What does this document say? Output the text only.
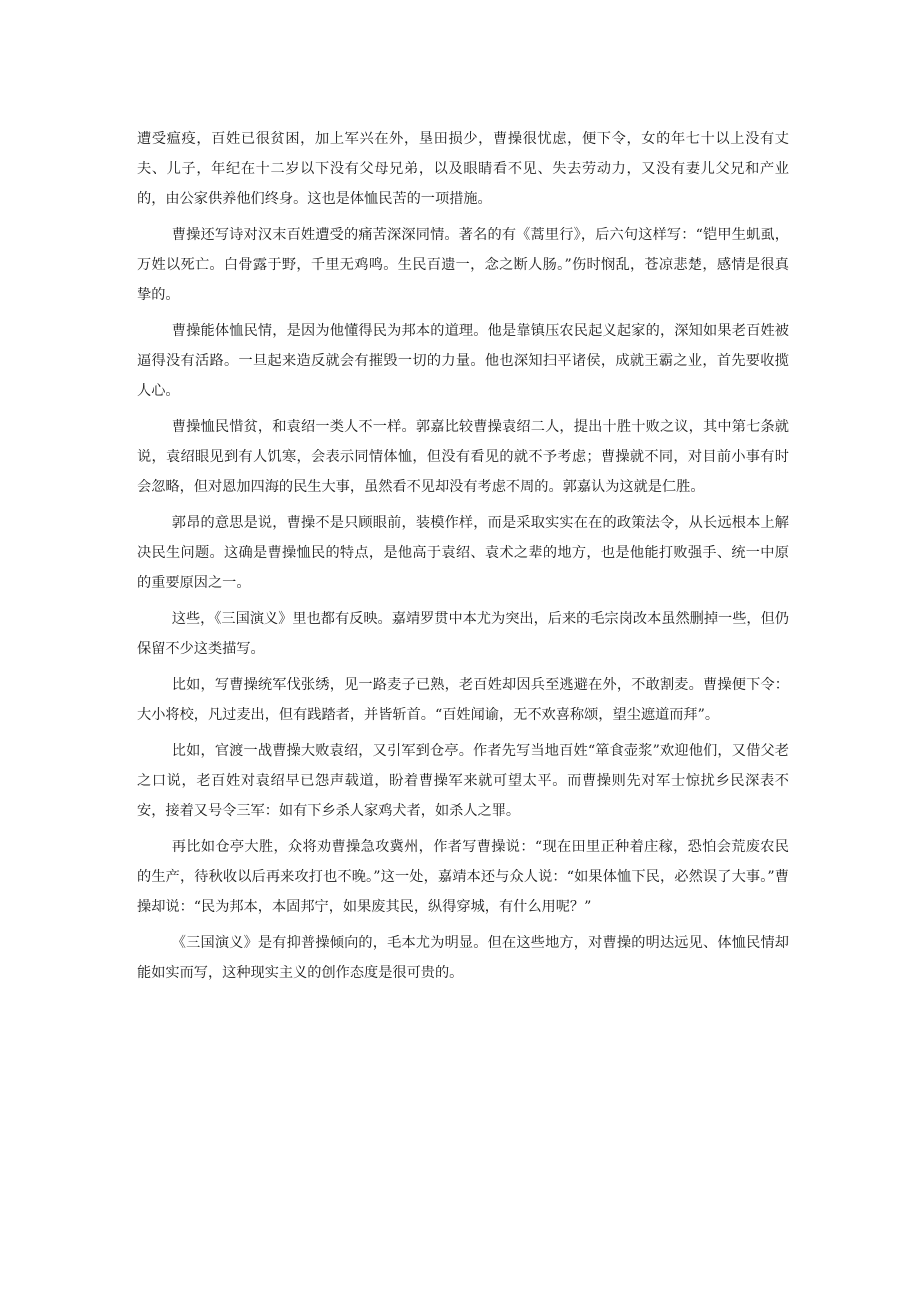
遭受瘟疫，百姓已很贫困，加上军兴在外，垦田损少，曹操很忧虑，便下令，女的年七十以上没有丈夫、儿子，年纪在十二岁以下没有父母兄弟，以及眼睛看不见、失去劳动力，又没有妻儿父兄和产业的，由公家供养他们终身。这也是体恤民苦的一项措施。

曹操还写诗对汉末百姓遭受的痛苦深深同情。著名的有《蒿里行》，后六句这样写：“铠甲生虮虱，万姓以死亡。白骨露于野，千里无鸡鸣。生民百遗一，念之断人肠。”伤时悯乱，苍凉悲楚，感情是很真挚的。

曹操能体恤民情，是因为他懂得民为邦本的道理。他是靠镇压农民起义起家的，深知如果老百姓被逼得没有活路。一旦起来造反就会有摧毁一切的力量。他也深知扫平诸侯，成就王霸之业，首先要收揽人心。

曹操恤民惜贫，和袁绍一类人不一样。郭嘉比较曹操袁绍二人，提出十胜十败之议，其中第七条就说，袁绍眼见到有人饥寒，会表示同情体恤，但没有看见的就不予考虑；曹操就不同，对目前小事有时会忽略，但对恩加四海的民生大事，虽然看不见却没有考虑不周的。郭嘉认为这就是仁胜。

郭昂的意思是说，曹操不是只顾眼前，装模作样，而是采取实实在在的政策法令，从长远根本上解决民生问题。这确是曹操恤民的特点，是他高于袁绍、袁术之辈的地方，也是他能打败强手、统一中原的重要原因之一。

这些，《三国演义》里也都有反映。嘉靖罗贯中本尤为突出，后来的毛宗岗改本虽然删掉一些，但仍保留不少这类描写。

比如，写曹操统军伐张绣，见一路麦子已熟，老百姓却因兵至逃避在外，不敢割麦。曹操便下令：大小将校，凡过麦出，但有践踏者，并皆斩首。“百姓闻谕，无不欢喜称颂，望尘遮道而拜”。

比如，官渡一战曹操大败袁绍，又引军到仓亭。作者先写当地百姓“箪食壶浆”欢迎他们，又借父老之口说，老百姓对袁绍早已怨声载道，盼着曹操军来就可望太平。而曹操则先对军士惊扰乡民深表不安，接着又号令三军：如有下乡杀人家鸡犬者，如杀人之罪。

再比如仓亭大胜，众将劝曹操急攻冀州，作者写曹操说：“现在田里正种着庄稼，恐怕会荒废农民的生产，待秋收以后再来攻打也不晚。”这一处，嘉靖本还与众人说：“如果体恤下民，必然误了大事。”曹操却说：“民为邦本，本固邦宁，如果废其民，纵得穿城，有什么用呢？”

《三国演义》是有抑普操倾向的，毛本尤为明显。但在这些地方，对曹操的明达远见、体恤民情却能如实而写，这种现实主义的创作态度是很可贵的。
